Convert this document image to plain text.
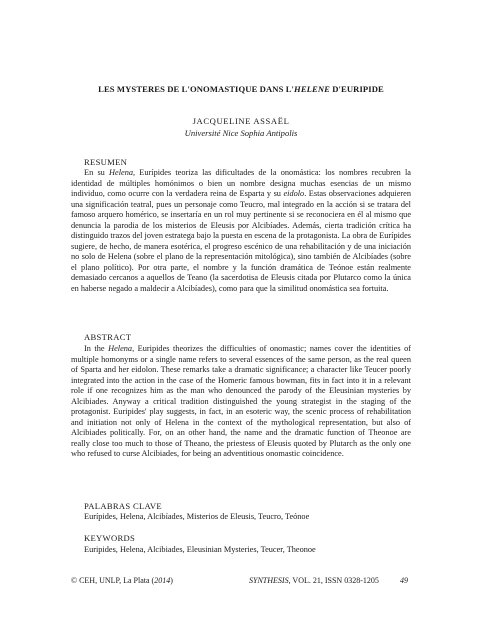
LES MYSTERES DE L'ONOMASTIQUE DANS L'HELENE D'EURIPIDE
JACQUELINE ASSAËL
Université Nice Sophia Antipolis
RESUMEN
En su Helena, Eurípides teoriza las dificultades de la onomástica: los nombres recubren la identidad de múltiples homónimos o bien un nombre designa muchas esencias de un mismo individuo, como ocurre con la verdadera reina de Esparta y su eidolo. Estas observaciones adquieren una significación teatral, pues un personaje como Teucro, mal integrado en la acción si se tratara del famoso arquero homérico, se insertaría en un rol muy pertinente si se reconociera en él al mismo que denuncia la parodia de los misterios de Eleusis por Alcibíades. Además, cierta tradición crítica ha distinguido trazos del joven estratega bajo la puesta en escena de la protagonista. La obra de Eurípides sugiere, de hecho, de manera esotérica, el progreso escénico de una rehabilitación y de una iniciación no solo de Helena (sobre el plano de la representación mitológica), sino también de Alcibíades (sobre el plano político). Por otra parte, el nombre y la función dramática de Teónoe están realmente demasiado cercanos a aquellos de Teano (la sacerdotisa de Eleusis citada por Plutarco como la única en haberse negado a maldecir a Alcibíades), como para que la similitud onomástica sea fortuita.
ABSTRACT
In the Helena, Euripides theorizes the difficulties of onomastic; names cover the identities of multiple homonyms or a single name refers to several essences of the same person, as the real queen of Sparta and her eidolon. These remarks take a dramatic significance; a character like Teucer poorly integrated into the action in the case of the Homeric famous bowman, fits in fact into it in a relevant role if one recognizes him as the man who denounced the parody of the Eleusinian mysteries by Alcibiades. Anyway a critical tradition distinguished the young strategist in the staging of the protagonist. Euripides' play suggests, in fact, in an esoteric way, the scenic process of rehabilitation and initiation not only of Helena in the context of the mythological representation, but also of Alcibiades politically. For, on an other hand, the name and the dramatic function of Theonoe are really close too much to those of Theano, the priestess of Eleusis quoted by Plutarch as the only one who refused to curse Alcibiades, for being an adventitious onomastic coincidence.
PALABRAS CLAVE
Eurípides, Helena, Alcibíades, Misterios de Eleusis, Teucro, Teónoe
KEYWORDS
Euripides, Helena, Alcibiades, Eleusinian Mysteries, Teucer, Theonoe
© CEH, UNLP, La Plata (2014)	SYNTHESIS, VOL. 21, ISSN 0328-1205	49
